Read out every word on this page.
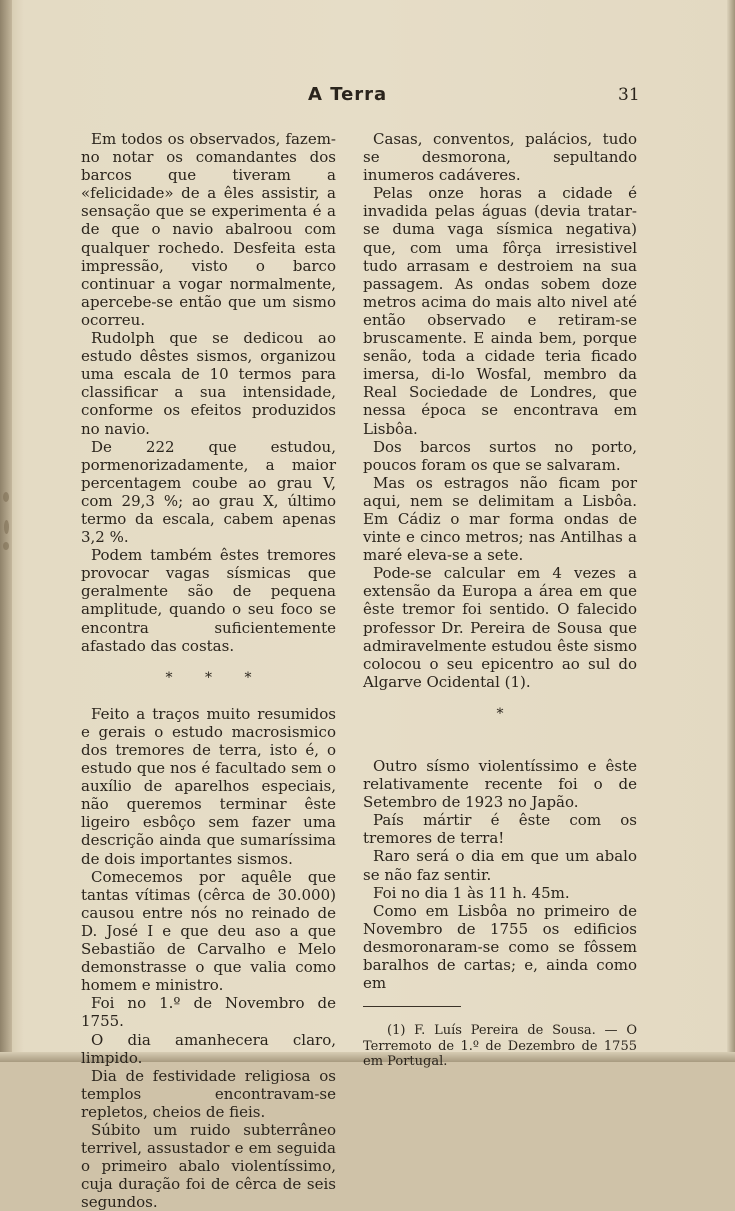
A Terra	31

Em todos os observados, fazem-no notar os comandantes dos barcos que tiveram a «felicidade» de a êles assistir, a sensação que se experimenta é a de que o navio abalroou com qualquer rochedo. Desfeita esta impressão, visto o barco continuar a vogar normalmente, apercebe-se então que um sismo ocorreu.

Rudolph que se dedicou ao estudo dêstes sismos, organizou uma escala de 10 termos para classificar a sua intensidade, conforme os efeitos produzidos no navio.

De 222 que estudou, pormenorizadamente, a maior percentagem coube ao grau V, com 29,3 %; ao grau X, último termo da escala, cabem apenas 3,2 %.

Podem também êstes tremores provocar vagas sísmicas que geralmente são de pequena amplitude, quando o seu foco se encontra suficientemente afastado das costas.

* * *

Feito a traços muito resumidos e gerais o estudo macrosismico dos tremores de terra, isto é, o estudo que nos é facultado sem o auxílio de aparelhos especiais, não queremos terminar êste ligeiro esbôço sem fazer uma descrição ainda que sumaríssima de dois importantes sismos.

Comecemos por aquêle que tantas vítimas (cêrca de 30.000) causou entre nós no reinado de D. José I e que deu aso a que Sebastião de Carvalho e Melo demonstrasse o que valia como homem e ministro.

Foi no 1.º de Novembro de 1755.

O dia amanhecera claro, limpido.

Dia de festividade religiosa os templos encontravam-se repletos, cheios de fieis.

Súbito um ruido subterrâneo terrivel, assustador e em seguida o primeiro abalo violentíssimo, cuja duração foi de cêrca de seis segundos.

Casas, conventos, palácios, tudo se desmorona, sepultando inumeros cadáveres.

Pelas onze horas a cidade é invadida pelas águas (devia tratar-se duma vaga sísmica negativa) que, com uma fôrça irresistivel tudo arrasam e destroiem na sua passagem. As ondas sobem doze metros acima do mais alto nivel até então observado e retiram-se bruscamente. E ainda bem, porque senão, toda a cidade teria ficado imersa, di-lo Wosfal, membro da Real Sociedade de Londres, que nessa época se encontrava em Lisbôa.

Dos barcos surtos no porto, poucos foram os que se salvaram.

Mas os estragos não ficam por aqui, nem se delimitam a Lisbôa. Em Cádiz o mar forma ondas de vinte e cinco metros; nas Antilhas a maré eleva-se a sete.

Pode-se calcular em 4 vezes a extensão da Europa a área em que êste tremor foi sentido. O falecido professor Dr. Pereira de Sousa que admiravelmente estudou êste sismo colocou o seu epicentro ao sul do Algarve Ocidental (1).

*

Outro sísmo violentíssimo e êste relativamente recente foi o de Setembro de 1923 no Japão.

País mártir é êste com os tremores de terra!

Raro será o dia em que um abalo se não faz sentir.

Foi no dia 1 às 11 h. 45m.

Como em Lisbôa no primeiro de Novembro de 1755 os edificios desmoronaram-se como se fôssem baralhos de cartas; e, ainda como em

(1) F. Luís Pereira de Sousa. — O Terremoto de 1.º de Dezembro de 1755 em Portugal.
